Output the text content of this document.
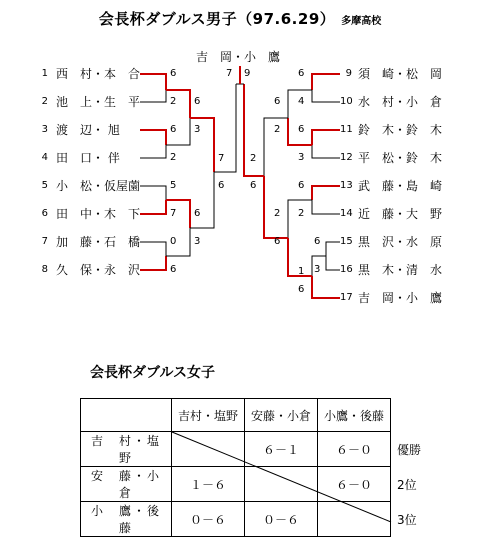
会長杯ダブルス男子（97.6.29） 多摩高校
吉　岡・小　鷹
1 西　村・本　合
2 池　上・生　平
3 渡　辺・ 旭
4 田　口・ 伴
5 小　松・仮屋薗
6 田　中・木　下
7 加　藤・石　橋
8 久　保・永　沢
9 須　崎・松　岡
10 水　村・小　倉
11 鈴　木・鈴　木
12 平　松・鈴　木
13 武　藤・島　崎
14 近　藤・大　野
15 黒　沢・水　原
16 黒　木・清　水
17 吉　岡・小　鷹
6
2
6
2
5
7
0
6
6
3
6
3
7
6
7 9	6
4
6
3
6
2
1
6
6
3
6
2
2
6
2
6
会長杯ダブルス女子
	吉村・塩野	安藤・小倉	小鷹・後藤	
吉　村・塩　野		６－１	６－０	優勝
安　藤・小　倉	１－６		６－０	2位
小　鷹・後　藤	０－６	０－６		3位
